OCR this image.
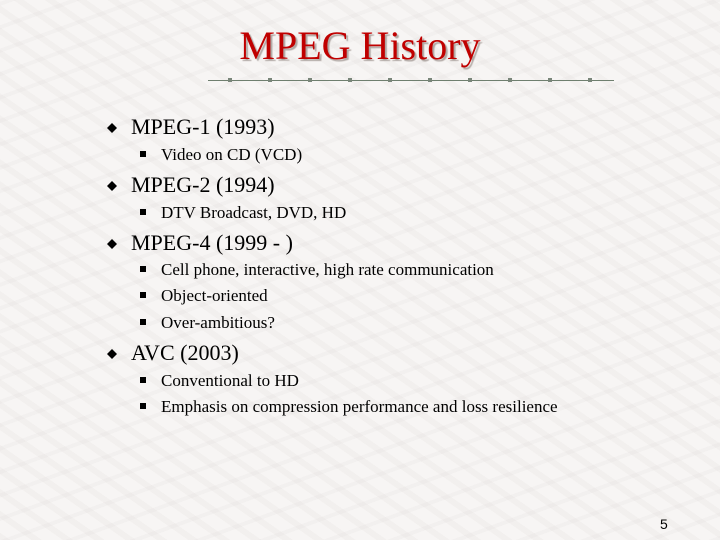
MPEG History
MPEG-1 (1993)
Video on CD (VCD)
MPEG-2 (1994)
DTV Broadcast, DVD, HD
MPEG-4 (1999 - )
Cell phone, interactive, high rate communication
Object-oriented
Over-ambitious?
AVC (2003)
Conventional to HD
Emphasis on compression performance and loss resilience
5
